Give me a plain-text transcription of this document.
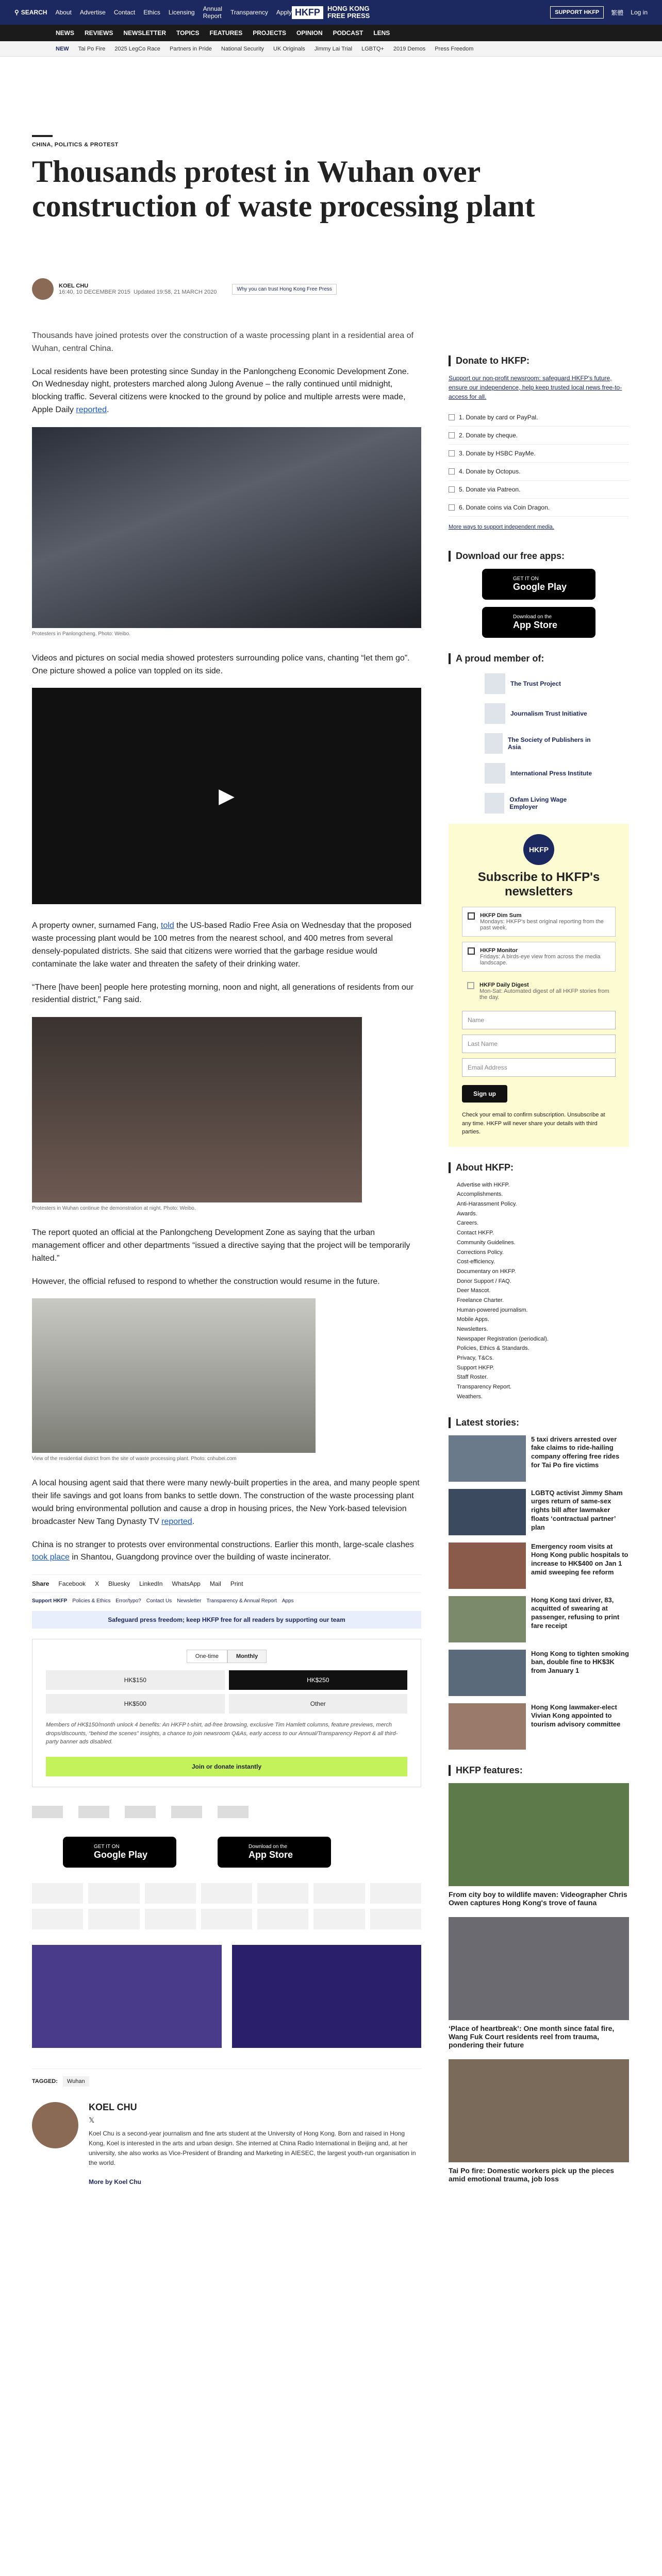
⚲ SEARCH About Advertise Contact Ethics Licensing Annual Report Transparency Apply HKFP	HONG KONG FREE PRESS	SUPPORT HKFP	繁體 Log in
NEWS REVIEWS NEWSLETTER TOPICS FEATURES PROJECTS OPINION PODCAST LENS
NEW Tai Po Fire 2025 LegCo Race Partners in Pride National Security UK Originals Jimmy Lai Trial LGBTQ+ 2019 Demos Press Freedom
CHINA, POLITICS & PROTEST
Thousands protest in Wuhan over construction of waste processing plant
KOEL CHU
16:40, 10 DECEMBER 2015 Updated 19:58, 21 MARCH 2020	Why you can trust Hong Kong Free Press

Thousands have joined protests over the construction of a waste processing plant in a residential area of Wuhan, central China.

Local residents have been protesting since Sunday in the Panlongcheng Economic Development Zone. On Wednesday night, protesters marched along Julong Avenue – the rally continued until midnight, blocking traffic. Several citizens were knocked to the ground by police and multiple arrests were made, Apple Daily reported.

Protesters in Panlongcheng. Photo: Weibo.

Videos and pictures on social media showed protesters surrounding police vans, chanting “let them go”. One picture showed a police van toppled on its side.

▶

A property owner, surnamed Fang, told the US-based Radio Free Asia on Wednesday that the proposed waste processing plant would be 100 metres from the nearest school, and 400 metres from several densely-populated districts. She said that citizens were worried that the garbage residue would contaminate the lake water and threaten the safety of their drinking water.

“There [have been] people here protesting morning, noon and night, all generations of residents from our residential district,” Fang said.

Protesters in Wuhan continue the demonstration at night. Photo: Weibo.

The report quoted an official at the Panlongcheng Development Zone as saying that the urban management officer and other departments “issued a directive saying that the project will be temporarily halted.”

However, the official refused to respond to whether the construction would resume in the future.

View of the residential district from the site of waste processing plant. Photo: cnhubei.com

A local housing agent said that there were many newly-built properties in the area, and many people spent their life savings and got loans from banks to settle down. The construction of the waste processing plant would bring environmental pollution and cause a drop in housing prices, the New York-based television broadcaster New Tang Dynasty TV reported.

China is no stranger to protests over environmental constructions. Earlier this month, large-scale clashes took place in Shantou, Guangdong province over the building of waste incinerator.

Share Facebook X Bluesky LinkedIn WhatsApp Mail Print
Support HKFP Policies & Ethics Error/typo? Contact Us Newsletter Transparency & Annual Report Apps
Safeguard press freedom; keep HKFP free for all readers by supporting our team
One-time	Monthly
HK$150	HK$250
HK$500	Other

Members of HK$150/month unlock 4 benefits: An HKFP t-shirt, ad-free browsing, exclusive Tim Hamlett columns, feature previews, merch drops/discounts, “behind the scenes” insights, a chance to join newsroom Q&As, early access to our Annual/Transparency Report & all third-party banner ads disabled.

Join or donate instantly
GET IT ON
Google Play
Download on the
App Store
TAGGED:	Wuhan
KOEL CHU
𝕏

Koel Chu is a second-year journalism and fine arts student at the University of Hong Kong. Born and raised in Hong Kong, Koel is interested in the arts and urban design. She interned at China Radio International in Beijing and, at her university, she also works as Vice-President of Branding and Marketing in AIESEC, the largest youth-run organisation in the world.

More by Koel Chu
Donate to HKFP:

Support our non-profit newsroom: safeguard HKFP's future, ensure our independence, help keep trusted local news free-to-access for all.

1. Donate by card or PayPal.
2. Donate by cheque.
3. Donate by HSBC PayMe.
4. Donate by Octopus.
5. Donate via Patreon.
6. Donate coins via Coin Dragon.

More ways to support independent media.

Download our free apps:
GET IT ON
Google Play
Download on the
App Store
A proud member of:
The Trust Project
Journalism Trust Initiative
The Society of Publishers in Asia
International Press Institute
Oxfam Living Wage Employer
HKFP
Subscribe to HKFP's newsletters
HKFP Dim Sum
Mondays: HKFP's best original reporting from the past week.
HKFP Monitor
Fridays: A birds-eye view from across the media landscape.
HKFP Daily Digest
Mon-Sat: Automated digest of all HKFP stories from the day.
Name
Last Name
Email Address
Sign up

Check your email to confirm subscription. Unsubscribe at any time. HKFP will never share your details with third parties.

About HKFP:
Advertise with HKFP.
Accomplishments.
Anti-Harassment Policy.
Awards.
Careers.
Contact HKFP.
Community Guidelines.
Corrections Policy.
Cost-efficiency.
Documentary on HKFP.
Donor Support / FAQ.
Deer Mascot.
Freelance Charter.
Human-powered journalism.
Mobile Apps.
Newsletters.
Newspaper Registration (periodical).
Policies, Ethics & Standards.
Privacy, T&Cs.
Support HKFP.
Staff Roster.
Transparency Report.
Weathers.
Latest stories:
5 taxi drivers arrested over fake claims to ride-hailing company offering free rides for Tai Po fire victims
LGBTQ activist Jimmy Sham urges return of same-sex rights bill after lawmaker floats ‘contractual partner’ plan
Emergency room visits at Hong Kong public hospitals to increase to HK$400 on Jan 1 amid sweeping fee reform
Hong Kong taxi driver, 83, acquitted of swearing at passenger, refusing to print fare receipt
Hong Kong to tighten smoking ban, double fine to HK$3K from January 1
Hong Kong lawmaker-elect Vivian Kong appointed to tourism advisory committee
HKFP features:
From city boy to wildlife maven: Videographer Chris Owen captures Hong Kong's trove of fauna
‘Place of heartbreak’: One month since fatal fire, Wang Fuk Court residents reel from trauma, pondering their future
Tai Po fire: Domestic workers pick up the pieces amid emotional trauma, job loss
